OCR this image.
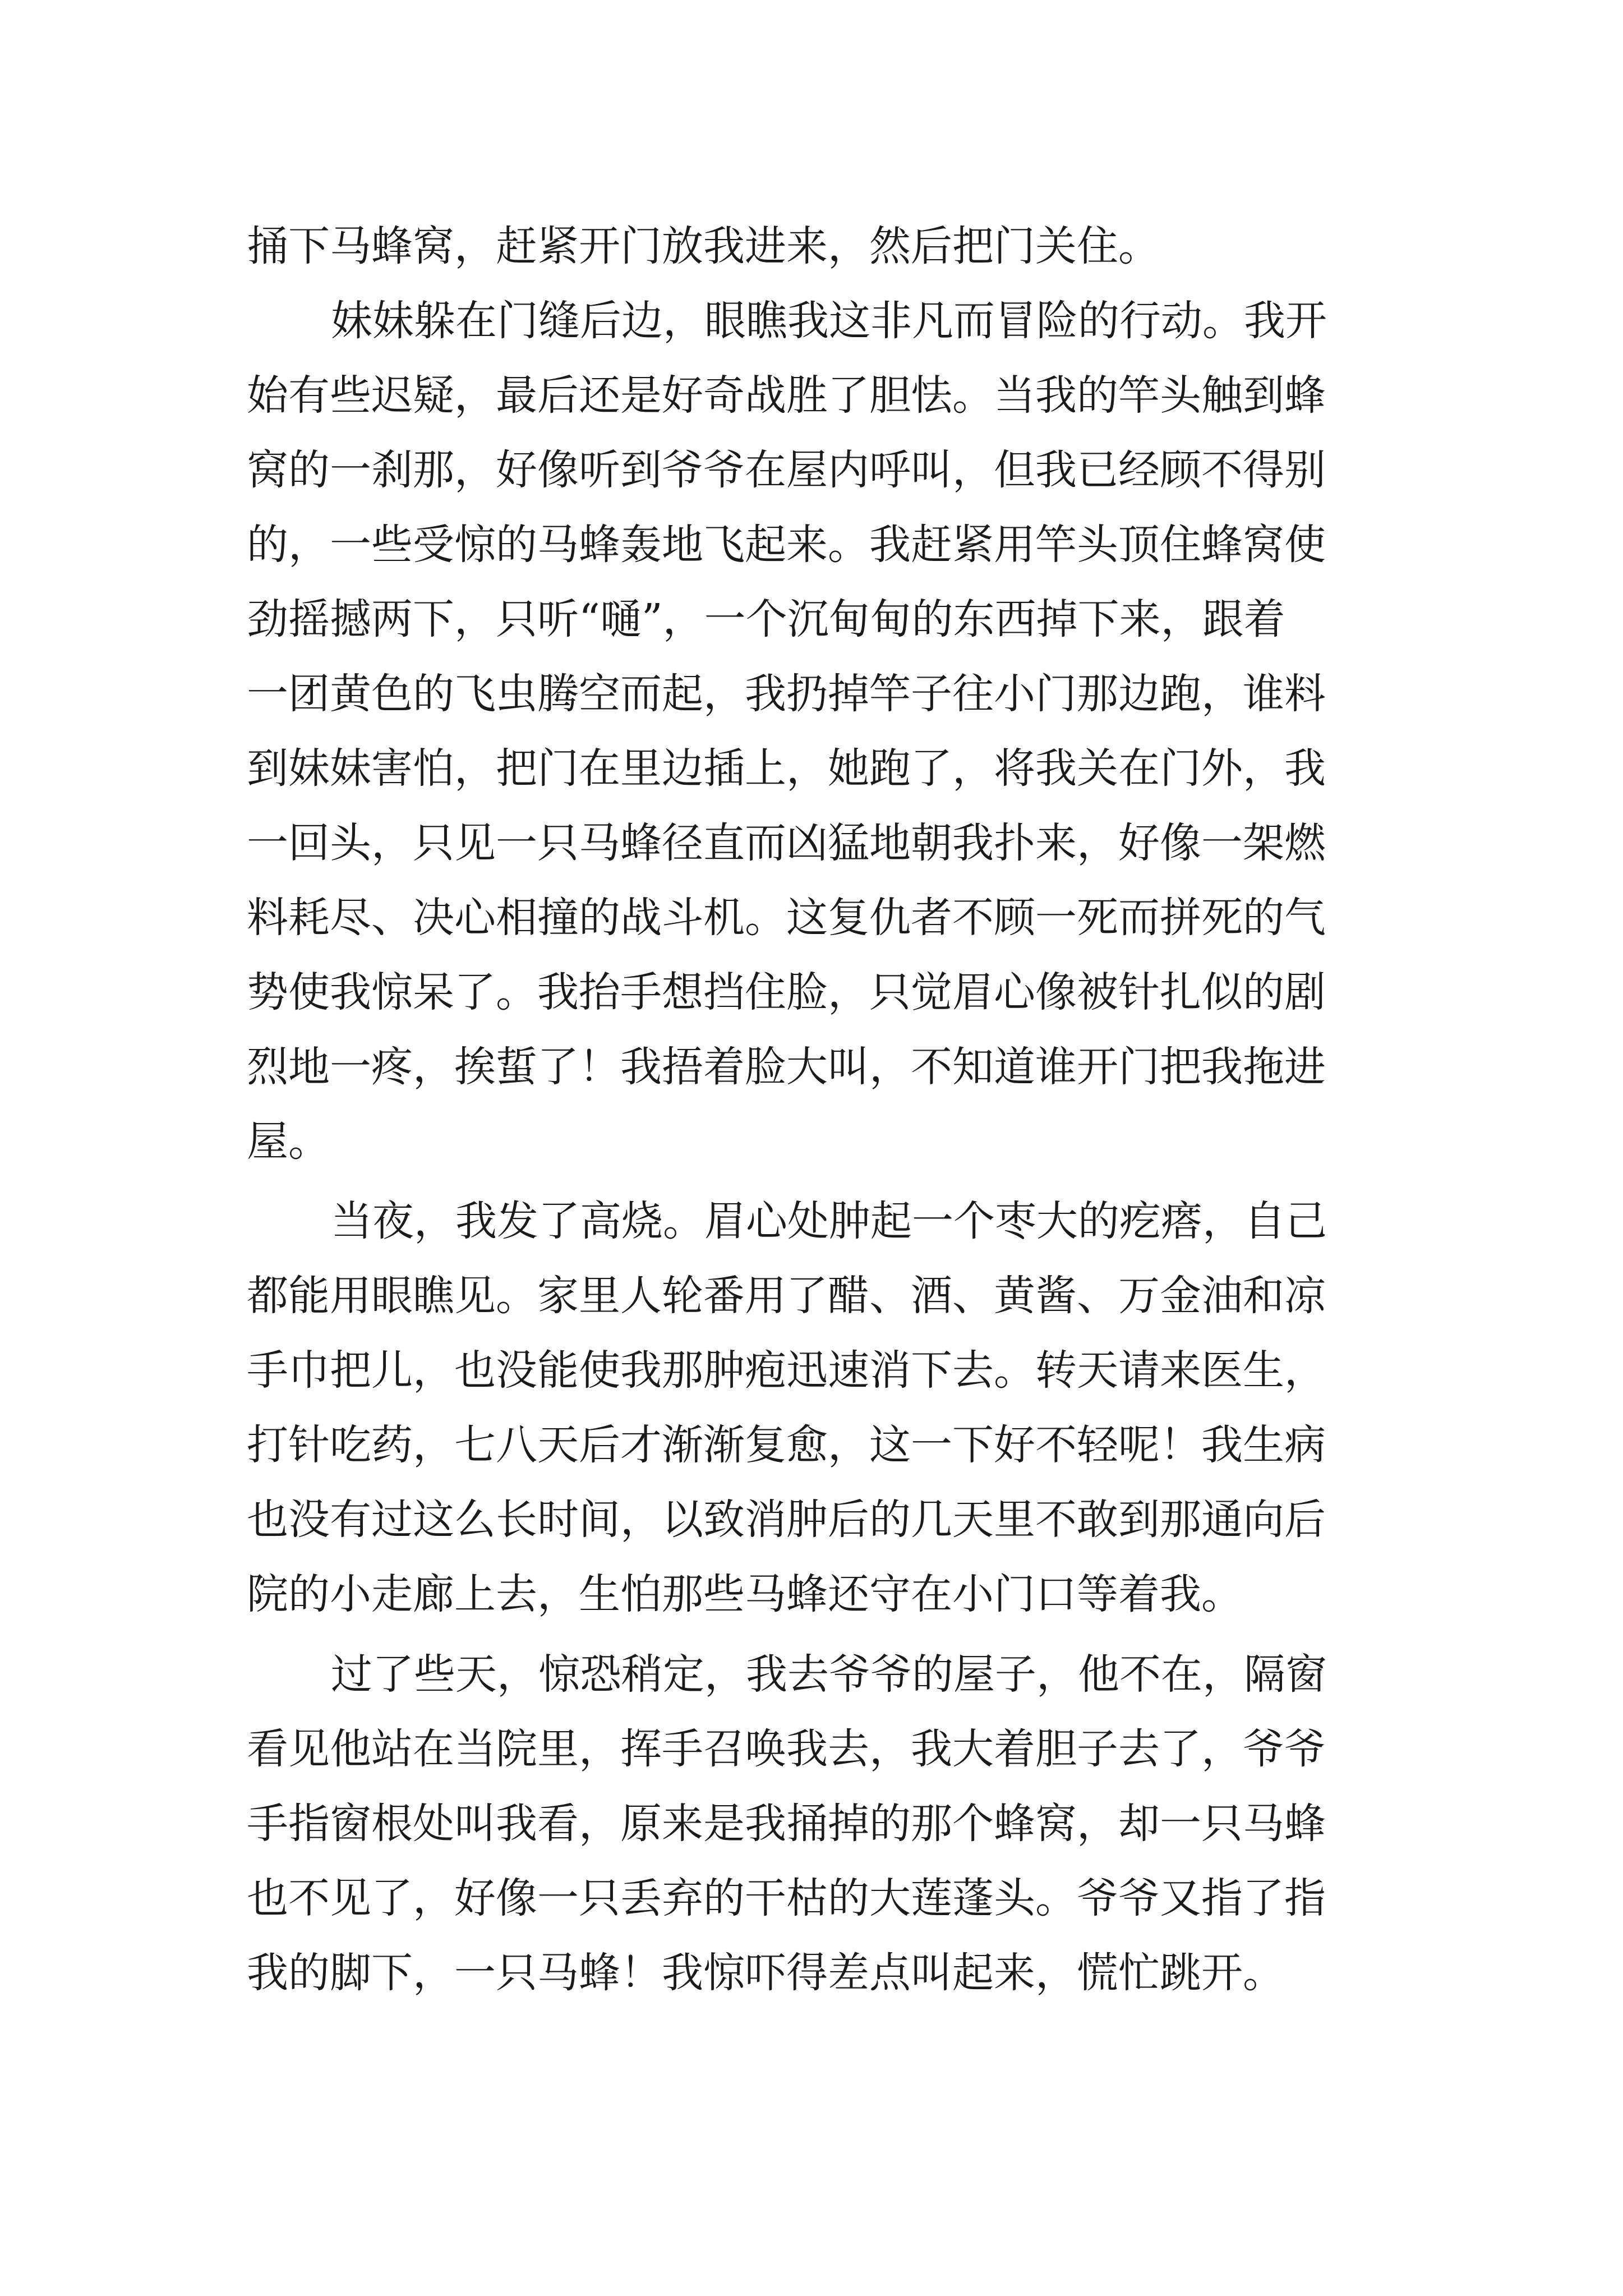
捅下马蜂窝，赶紧开门放我进来，然后把门关住。
妹妹躲在门缝后边，眼瞧我这非凡而冒险的行动。我开
始有些迟疑，最后还是好奇战胜了胆怯。当我的竿头触到蜂
窝的一刹那，好像听到爷爷在屋内呼叫，但我已经顾不得别
的，一些受惊的马蜂轰地飞起来。我赶紧用竿头顶住蜂窝使
劲摇撼两下，只听“嗵”，一个沉甸甸的东西掉下来，跟着
一团黄色的飞虫腾空而起，我扔掉竿子往小门那边跑，谁料
到妹妹害怕，把门在里边插上，她跑了，将我关在门外，我
一回头，只见一只马蜂径直而凶猛地朝我扑来，好像一架燃
料耗尽、决心相撞的战斗机。这复仇者不顾一死而拼死的气
势使我惊呆了。我抬手想挡住脸，只觉眉心像被针扎似的剧
烈地一疼，挨蜇了！我捂着脸大叫，不知道谁开门把我拖进
屋。
当夜，我发了高烧。眉心处肿起一个枣大的疙瘩，自己
都能用眼瞧见。家里人轮番用了醋、酒、黄酱、万金油和凉
手巾把儿，也没能使我那肿疱迅速消下去。转天请来医生，
打针吃药，七八天后才渐渐复愈，这一下好不轻呢！我生病
也没有过这么长时间，以致消肿后的几天里不敢到那通向后
院的小走廊上去，生怕那些马蜂还守在小门口等着我。
过了些天，惊恐稍定，我去爷爷的屋子，他不在，隔窗
看见他站在当院里，挥手召唤我去，我大着胆子去了，爷爷
手指窗根处叫我看，原来是我捅掉的那个蜂窝，却一只马蜂
也不见了，好像一只丢弃的干枯的大莲蓬头。爷爷又指了指
我的脚下，一只马蜂！我惊吓得差点叫起来，慌忙跳开。
